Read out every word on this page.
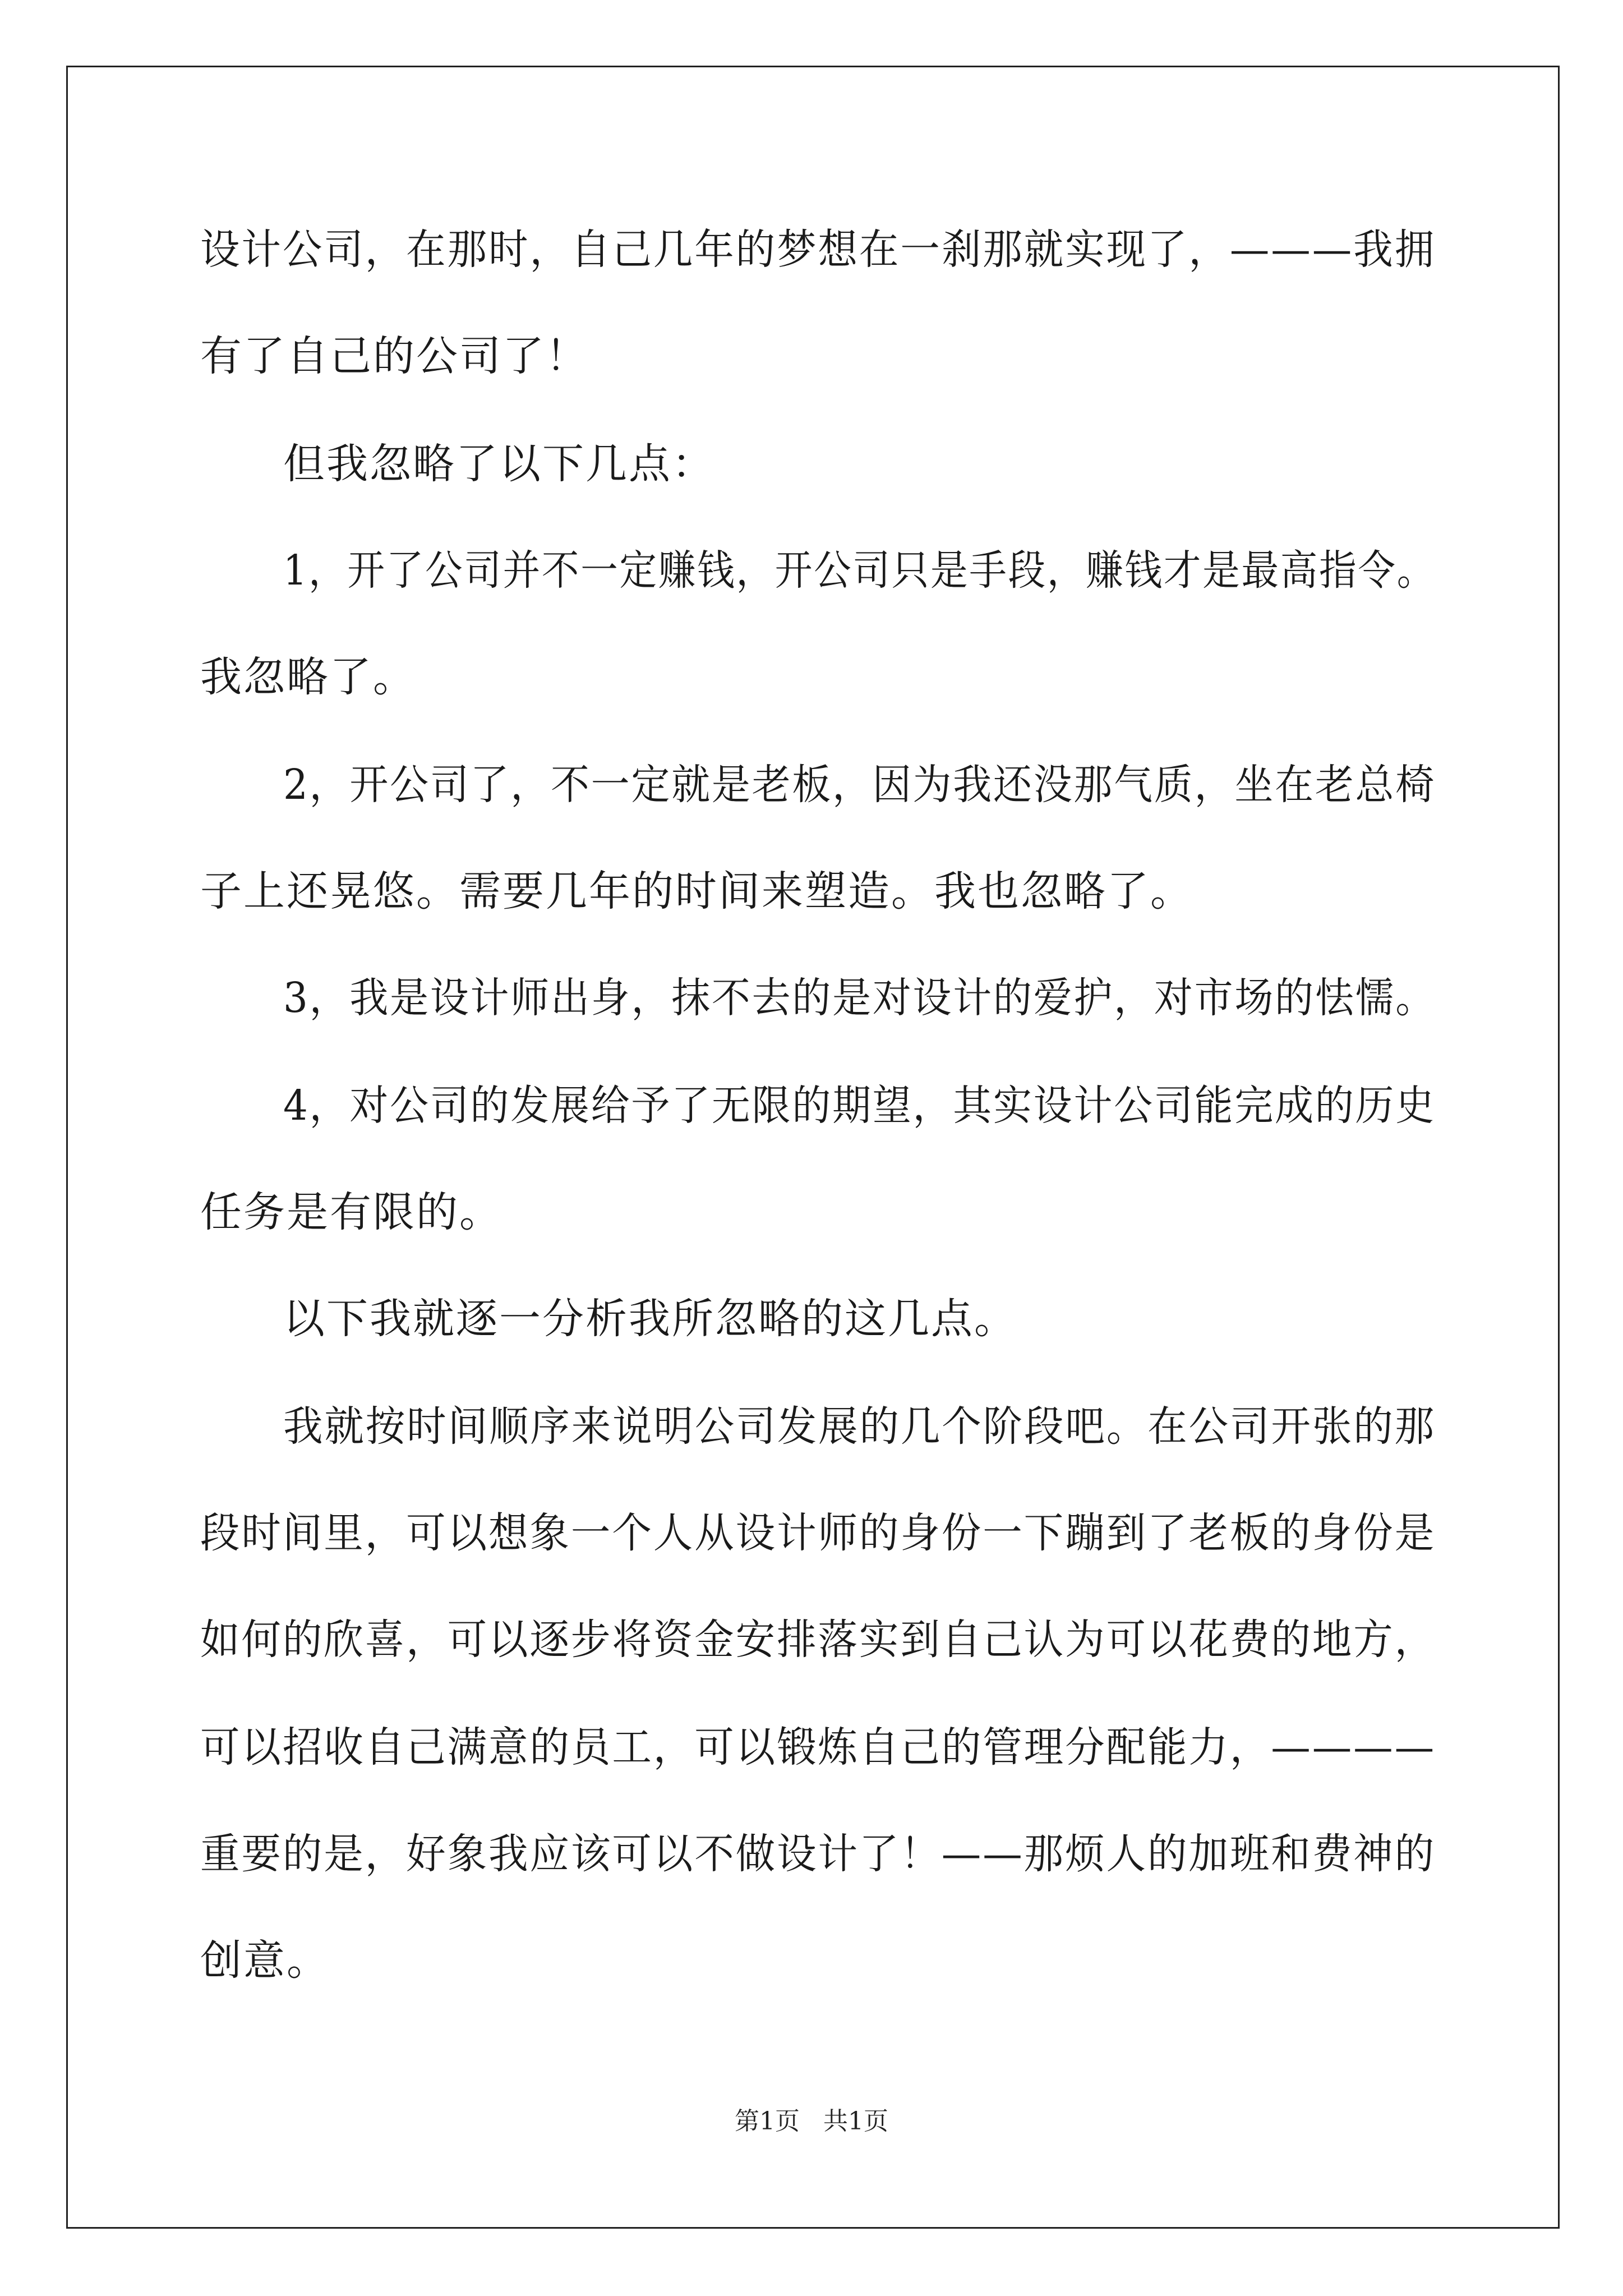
设计公司，在那时，自己几年的梦想在一刹那就实现了，———我拥
有了自己的公司了！
但我忽略了以下几点：
1，开了公司并不一定赚钱，开公司只是手段，赚钱才是最高指令。
我忽略了。
2，开公司了，不一定就是老板，因为我还没那气质，坐在老总椅
子上还晃悠。需要几年的时间来塑造。我也忽略了。
3，我是设计师出身，抹不去的是对设计的爱护，对市场的怯懦。
4，对公司的发展给予了无限的期望，其实设计公司能完成的历史
任务是有限的。
以下我就逐一分析我所忽略的这几点。
我就按时间顺序来说明公司发展的几个阶段吧。在公司开张的那
段时间里，可以想象一个人从设计师的身份一下蹦到了老板的身份是
如何的欣喜，可以逐步将资金安排落实到自己认为可以花费的地方，
可以招收自己满意的员工，可以锻炼自己的管理分配能力，————
重要的是，好象我应该可以不做设计了！——那烦人的加班和费神的
创意。
第1页   共1页
